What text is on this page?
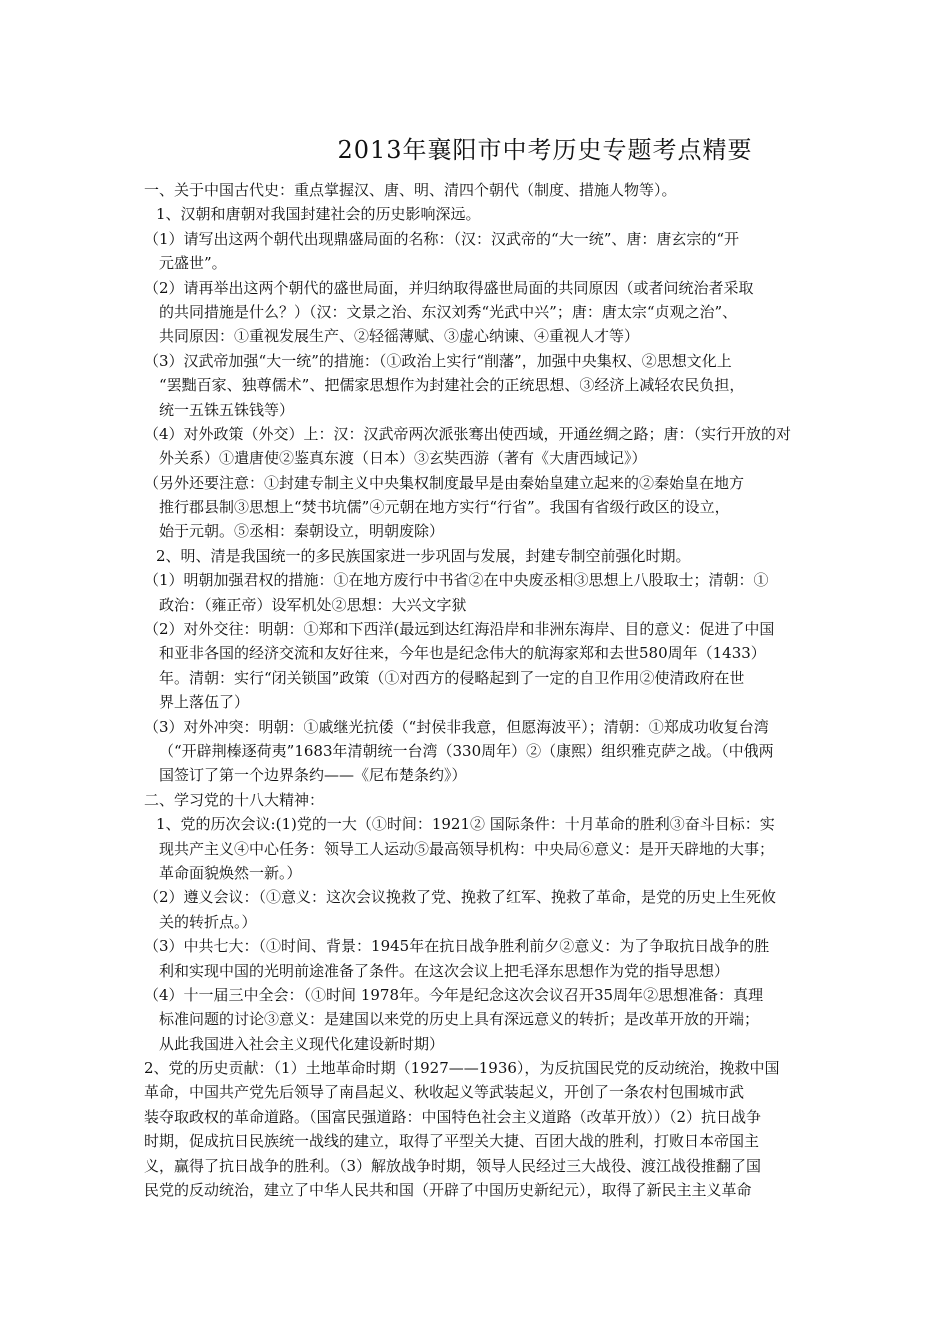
2013年襄阳市中考历史专题考点精要
一、关于中国古代史：重点掌握汉、唐、明、清四个朝代（制度、措施人物等）。
1、汉朝和唐朝对我国封建社会的历史影响深远。
（1）请写出这两个朝代出现鼎盛局面的名称：（汉：汉武帝的“大一统”、唐：唐玄宗的“开
元盛世”。
（2）请再举出这两个朝代的盛世局面，并归纳取得盛世局面的共同原因（或者问统治者采取
的共同措施是什么？）（汉：文景之治、东汉刘秀“光武中兴”；唐：唐太宗“贞观之治”、
共同原因：①重视发展生产、②轻徭薄赋、③虚心纳谏、④重视人才等）
（3）汉武帝加强“大一统”的措施：（①政治上实行“削藩”，加强中央集权、②思想文化上
“罢黜百家、独尊儒术”、把儒家思想作为封建社会的正统思想、③经济上减轻农民负担，
统一五铢五铢钱等）
（4）对外政策（外交）上：汉：汉武帝两次派张骞出使西域，开通丝绸之路；唐：（实行开放的对
外关系）①遣唐使②鉴真东渡（日本）③玄奘西游（著有《大唐西域记》）
（另外还要注意：①封建专制主义中央集权制度最早是由秦始皇建立起来的②秦始皇在地方
推行郡县制③思想上“焚书坑儒”④元朝在地方实行“行省”。我国有省级行政区的设立，
始于元朝。⑤丞相：秦朝设立，明朝废除）
2、明、清是我国统一的多民族国家进一步巩固与发展，封建专制空前强化时期。
（1）明朝加强君权的措施：①在地方废行中书省②在中央废丞相③思想上八股取士；清朝：①
政治：（雍正帝）设军机处②思想：大兴文字狱
（2）对外交往：明朝：①郑和下西洋(最远到达红海沿岸和非洲东海岸、目的意义：促进了中国
和亚非各国的经济交流和友好往来，今年也是纪念伟大的航海家郑和去世580周年（1433）
年。清朝：实行“闭关锁国”政策（①对西方的侵略起到了一定的自卫作用②使清政府在世
界上落伍了）
（3）对外冲突：明朝：①戚继光抗倭（“封侯非我意，但愿海波平）；清朝：①郑成功收复台湾
（“开辟荆榛逐荷夷”1683年清朝统一台湾（330周年）②（康熙）组织雅克萨之战。（中俄两
国签订了第一个边界条约——《尼布楚条约》）
二、学习党的十八大精神：
1、党的历次会议:(1)党的一大（①时间：1921② 国际条件：十月革命的胜利③奋斗目标：实
现共产主义④中心任务：领导工人运动⑤最高领导机构：中央局⑥意义：是开天辟地的大事；
革命面貌焕然一新。）
（2）遵义会议：（①意义：这次会议挽救了党、挽救了红军、挽救了革命，是党的历史上生死攸
关的转折点。）
（3）中共七大：（①时间、背景：1945年在抗日战争胜利前夕②意义：为了争取抗日战争的胜
利和实现中国的光明前途准备了条件。在这次会议上把毛泽东思想作为党的指导思想）
（4）十一届三中全会：（①时间 1978年。今年是纪念这次会议召开35周年②思想准备：真理
标准问题的讨论③意义：是建国以来党的历史上具有深远意义的转折；是改革开放的开端；
从此我国进入社会主义现代化建设新时期）
2、党的历史贡献：（1）土地革命时期（1927——1936），为反抗国民党的反动统治，挽救中国
革命，中国共产党先后领导了南昌起义、秋收起义等武装起义，开创了一条农村包围城市武
装夺取政权的革命道路。（国富民强道路：中国特色社会主义道路（改革开放））（2）抗日战争
时期，促成抗日民族统一战线的建立，取得了平型关大捷、百团大战的胜利，打败日本帝国主
义，赢得了抗日战争的胜利。（3）解放战争时期，领导人民经过三大战役、渡江战役推翻了国
民党的反动统治，建立了中华人民共和国（开辟了中国历史新纪元），取得了新民主主义革命
